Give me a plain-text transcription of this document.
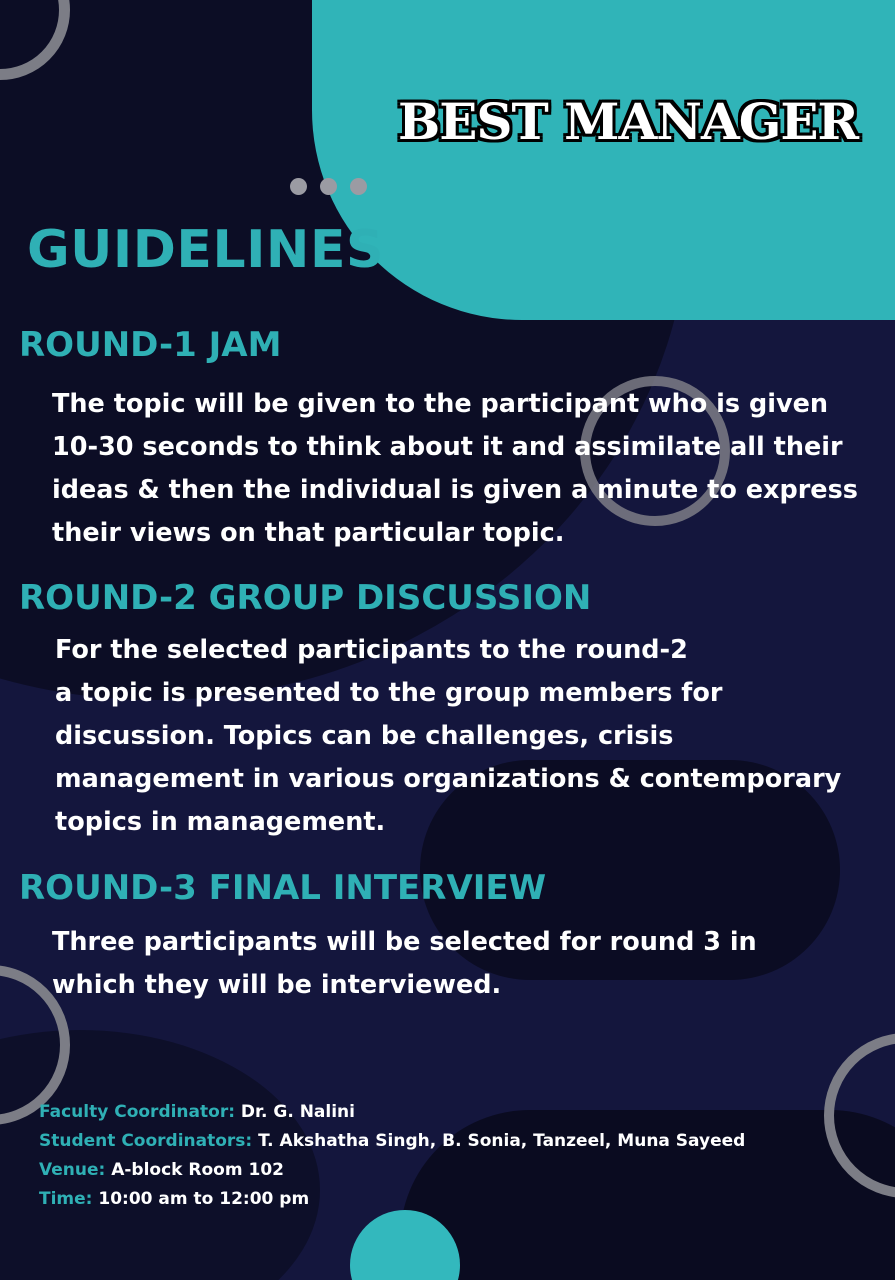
BEST MANAGER
GUIDELINES
ROUND-1 JAM

The topic will be given to the participant who is given
10-30 seconds to think about it and assimilate all their
ideas & then the individual is given a minute to express
their views on that particular topic.

ROUND-2 GROUP DISCUSSION

For the selected participants to the round-2
a topic is presented to the group members for
discussion. Topics can be challenges, crisis
management in various organizations & contemporary
topics in management.

ROUND-3 FINAL INTERVIEW

Three participants will be selected for round 3 in
which they will be interviewed.

Faculty Coordinator: Dr. G. Nalini
Student Coordinators: T. Akshatha Singh, B. Sonia, Tanzeel, Muna Sayeed
Venue: A-block Room 102
Time: 10:00 am to 12:00 pm
